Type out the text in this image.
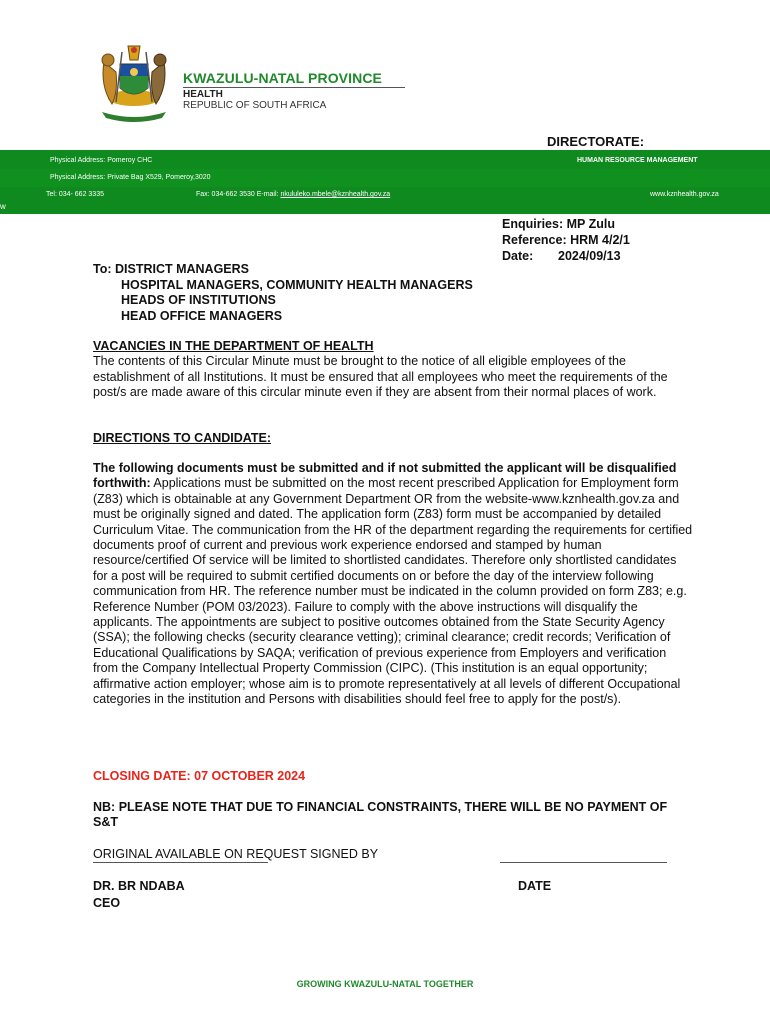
KWAZULU-NATAL PROVINCE
HEALTH
REPUBLIC OF SOUTH AFRICA
DIRECTORATE:
Physical Address: Pomeroy CHC	HUMAN RESOURCE MANAGEMENT
Physical Address: Private Bag X529, Pomeroy,3020
Tel: 034- 662 3335	Fax: 034-662 3530 E-mail: nkululeko.mbele@kznhealth.gov.za	www.kznhealth.gov.za
w
Enquiries: MP Zulu
Reference: HRM 4/2/1
Date: 2024/09/13
To: DISTRICT MANAGERS
HOSPITAL MANAGERS, COMMUNITY HEALTH MANAGERS
HEADS OF INSTITUTIONS
HEAD OFFICE MANAGERS
VACANCIES IN THE DEPARTMENT OF HEALTH
The contents of this Circular Minute must be brought to the notice of all eligible employees of the establishment of all Institutions. It must be ensured that all employees who meet the requirements of the post/s are made aware of this circular minute even if they are absent from their normal places of work.
DIRECTIONS TO CANDIDATE:
The following documents must be submitted and if not submitted the applicant will be disqualified forthwith: Applications must be submitted on the most recent prescribed Application for Employment form (Z83) which is obtainable at any Government Department OR from the website-www.kznhealth.gov.za and must be originally signed and dated. The application form (Z83) form must be accompanied by detailed Curriculum Vitae. The communication from the HR of the department regarding the requirements for certified documents proof of current and previous work experience endorsed and stamped by human resource/certified Of service will be limited to shortlisted candidates. Therefore only shortlisted candidates for a post will be required to submit certified documents on or before the day of the interview following communication from HR. The reference number must be indicated in the column provided on form Z83; e.g. Reference Number (POM 03/2023). Failure to comply with the above instructions will disqualify the applicants. The appointments are subject to positive outcomes obtained from the State Security Agency (SSA); the following checks (security clearance vetting); criminal clearance; credit records; Verification of Educational Qualifications by SAQA; verification of previous experience from Employers and verification from the Company Intellectual Property Commission (CIPC). (This institution is an equal opportunity; affirmative action employer; whose aim is to promote representatively at all levels of different Occupational categories in the institution and Persons with disabilities should feel free to apply for the post/s).
CLOSING DATE: 07 OCTOBER 2024
NB: PLEASE NOTE THAT DUE TO FINANCIAL CONSTRAINTS, THERE WILL BE NO PAYMENT OF S&T
ORIGINAL AVAILABLE ON REQUEST SIGNED BY
DR. BR NDABA
CEO
DATE
GROWING KWAZULU-NATAL TOGETHER
